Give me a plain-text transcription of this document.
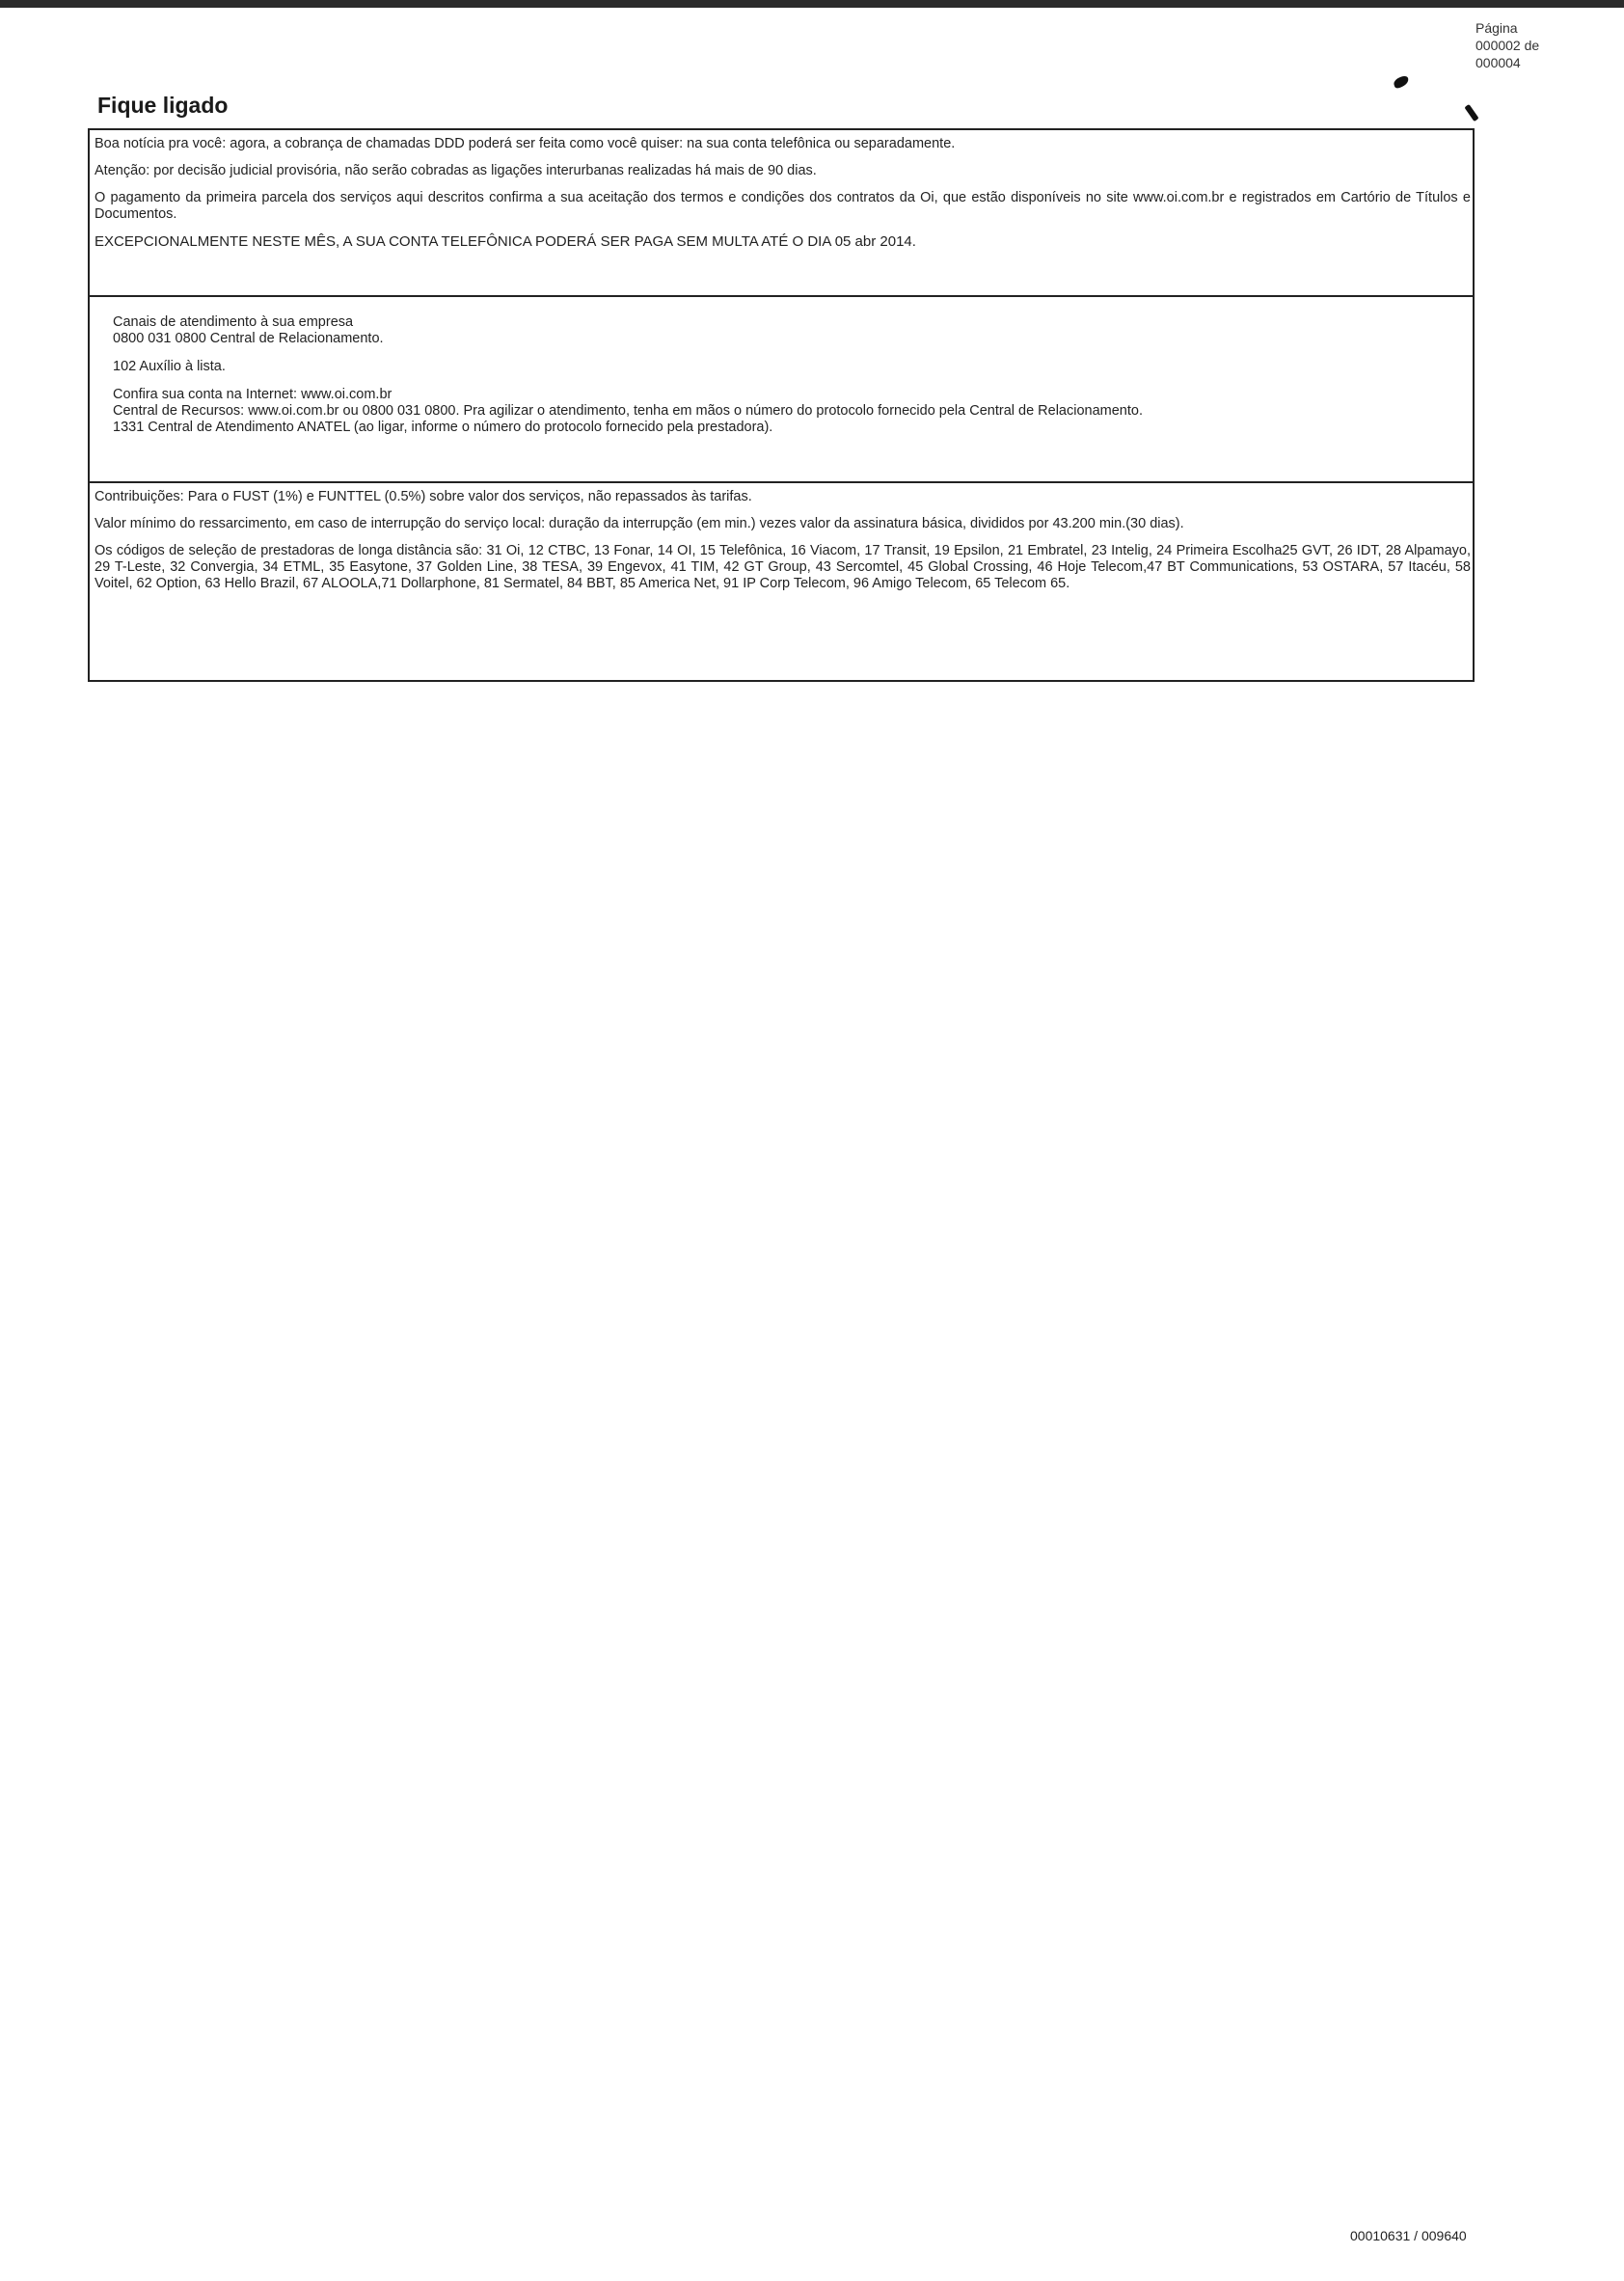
Página
000002 de
000004
Fique ligado

Boa notícia pra você: agora, a cobrança de chamadas DDD poderá ser feita como você quiser: na sua conta telefônica ou separadamente.

Atenção: por decisão judicial provisória, não serão cobradas as ligações interurbanas realizadas há mais de 90 dias.

O pagamento da primeira parcela dos serviços aqui descritos confirma a sua aceitação dos termos e condições dos contratos da Oi, que estão disponíveis no site www.oi.com.br e registrados em Cartório de Títulos e Documentos.

EXCEPCIONALMENTE NESTE MÊS, A SUA CONTA TELEFÔNICA PODERÁ SER PAGA SEM MULTA ATÉ O DIA 05 abr 2014.

Canais de atendimento à sua empresa
0800 031 0800 Central de Relacionamento.
102 Auxílio à lista.
Confira sua conta na Internet: www.oi.com.br
Central de Recursos: www.oi.com.br ou 0800 031 0800. Pra agilizar o atendimento, tenha em mãos o número do protocolo fornecido pela Central de Relacionamento.
1331 Central de Atendimento ANATEL (ao ligar, informe o número do protocolo fornecido pela prestadora).

Contribuições: Para o FUST (1%) e FUNTTEL (0.5%) sobre valor dos serviços, não repassados às tarifas.

Valor mínimo do ressarcimento, em caso de interrupção do serviço local: duração da interrupção (em min.) vezes valor da assinatura básica, divididos por 43.200 min.(30 dias).

Os códigos de seleção de prestadoras de longa distância são: 31 Oi, 12 CTBC, 13 Fonar, 14 OI, 15 Telefônica, 16 Viacom, 17 Transit, 19 Epsilon, 21 Embratel, 23 Intelig, 24 Primeira Escolha25 GVT, 26 IDT, 28 Alpamayo, 29 T-Leste, 32 Convergia, 34 ETML, 35 Easytone, 37 Golden Line, 38 TESA, 39 Engevox, 41 TIM, 42 GT Group, 43 Sercomtel, 45 Global Crossing, 46 Hoje Telecom,47 BT Communications, 53 OSTARA, 57 Itacéu, 58 Voitel, 62 Option, 63 Hello Brazil, 67 ALOOLA,71 Dollarphone, 81 Sermatel, 84 BBT, 85 America Net, 91 IP Corp Telecom, 96 Amigo Telecom, 65 Telecom 65.

00010631 / 009640
